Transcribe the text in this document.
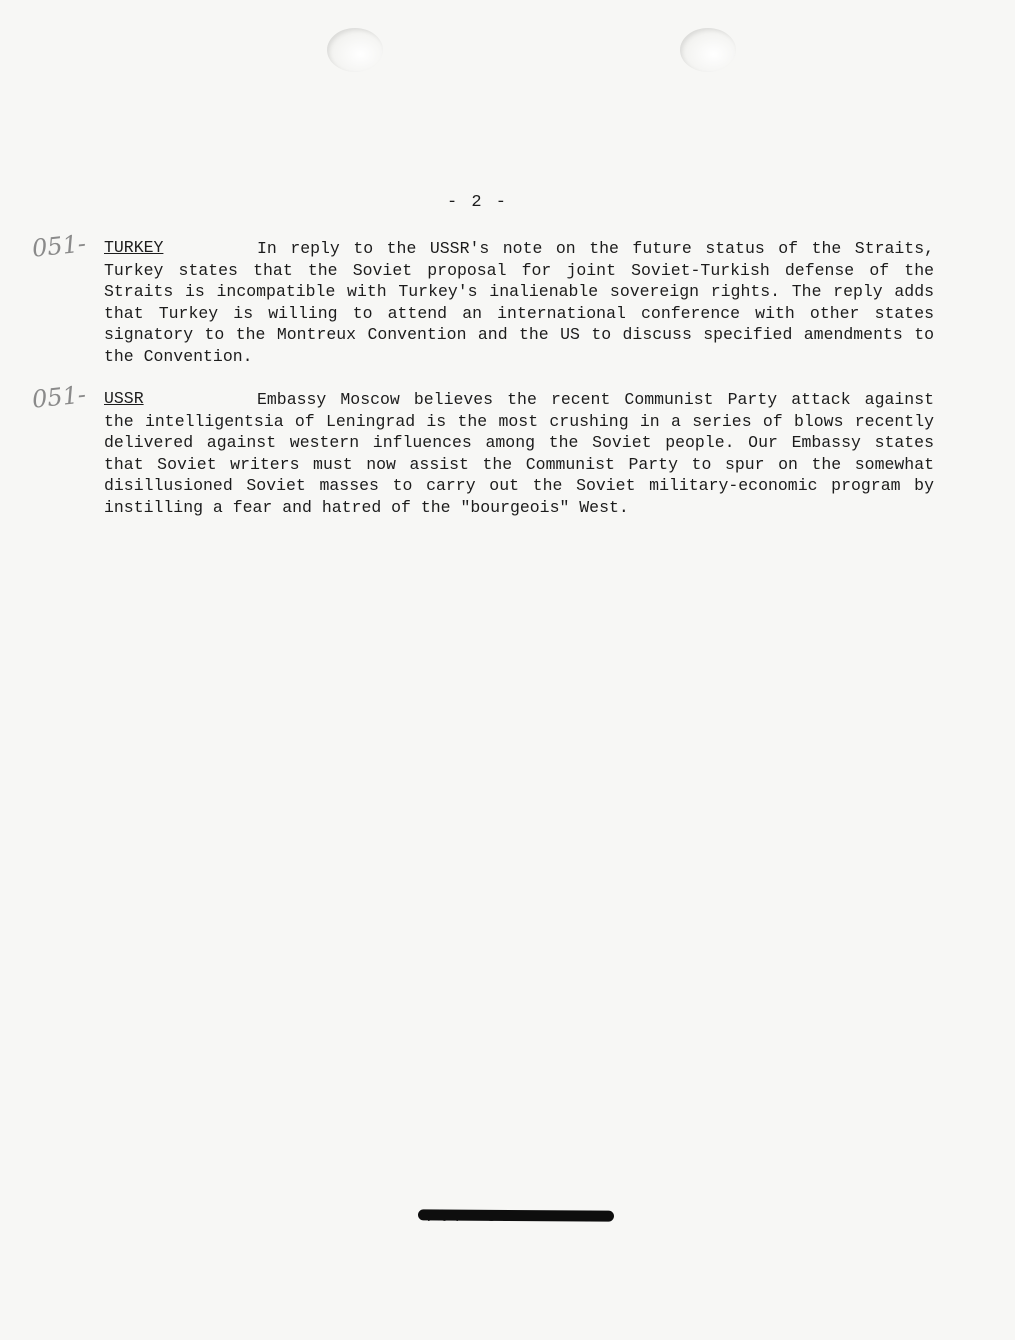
- 2 -
051- TURKEY	In reply to the USSR's note on the future status of the Straits, Turkey states that the Soviet proposal for joint Soviet-Turkish defense of the Straits is incompatible with Turkey's inalienable sovereign rights. The reply adds that Turkey is willing to attend an international conference with other states signatory to the Montreux Convention and the US to discuss specified amendments to the Convention.

051- USSR	Embassy Moscow believes the recent Communist Party attack against the intelligentsia of Leningrad is the most crushing in a series of blows recently delivered against western influences among the Soviet people. Our Embassy states that Soviet writers must now assist the Communist Party to spur on the somewhat disillusioned Soviet masses to carry out the Soviet military-economic program by instilling a fear and hatred of the "bourgeois" West.
